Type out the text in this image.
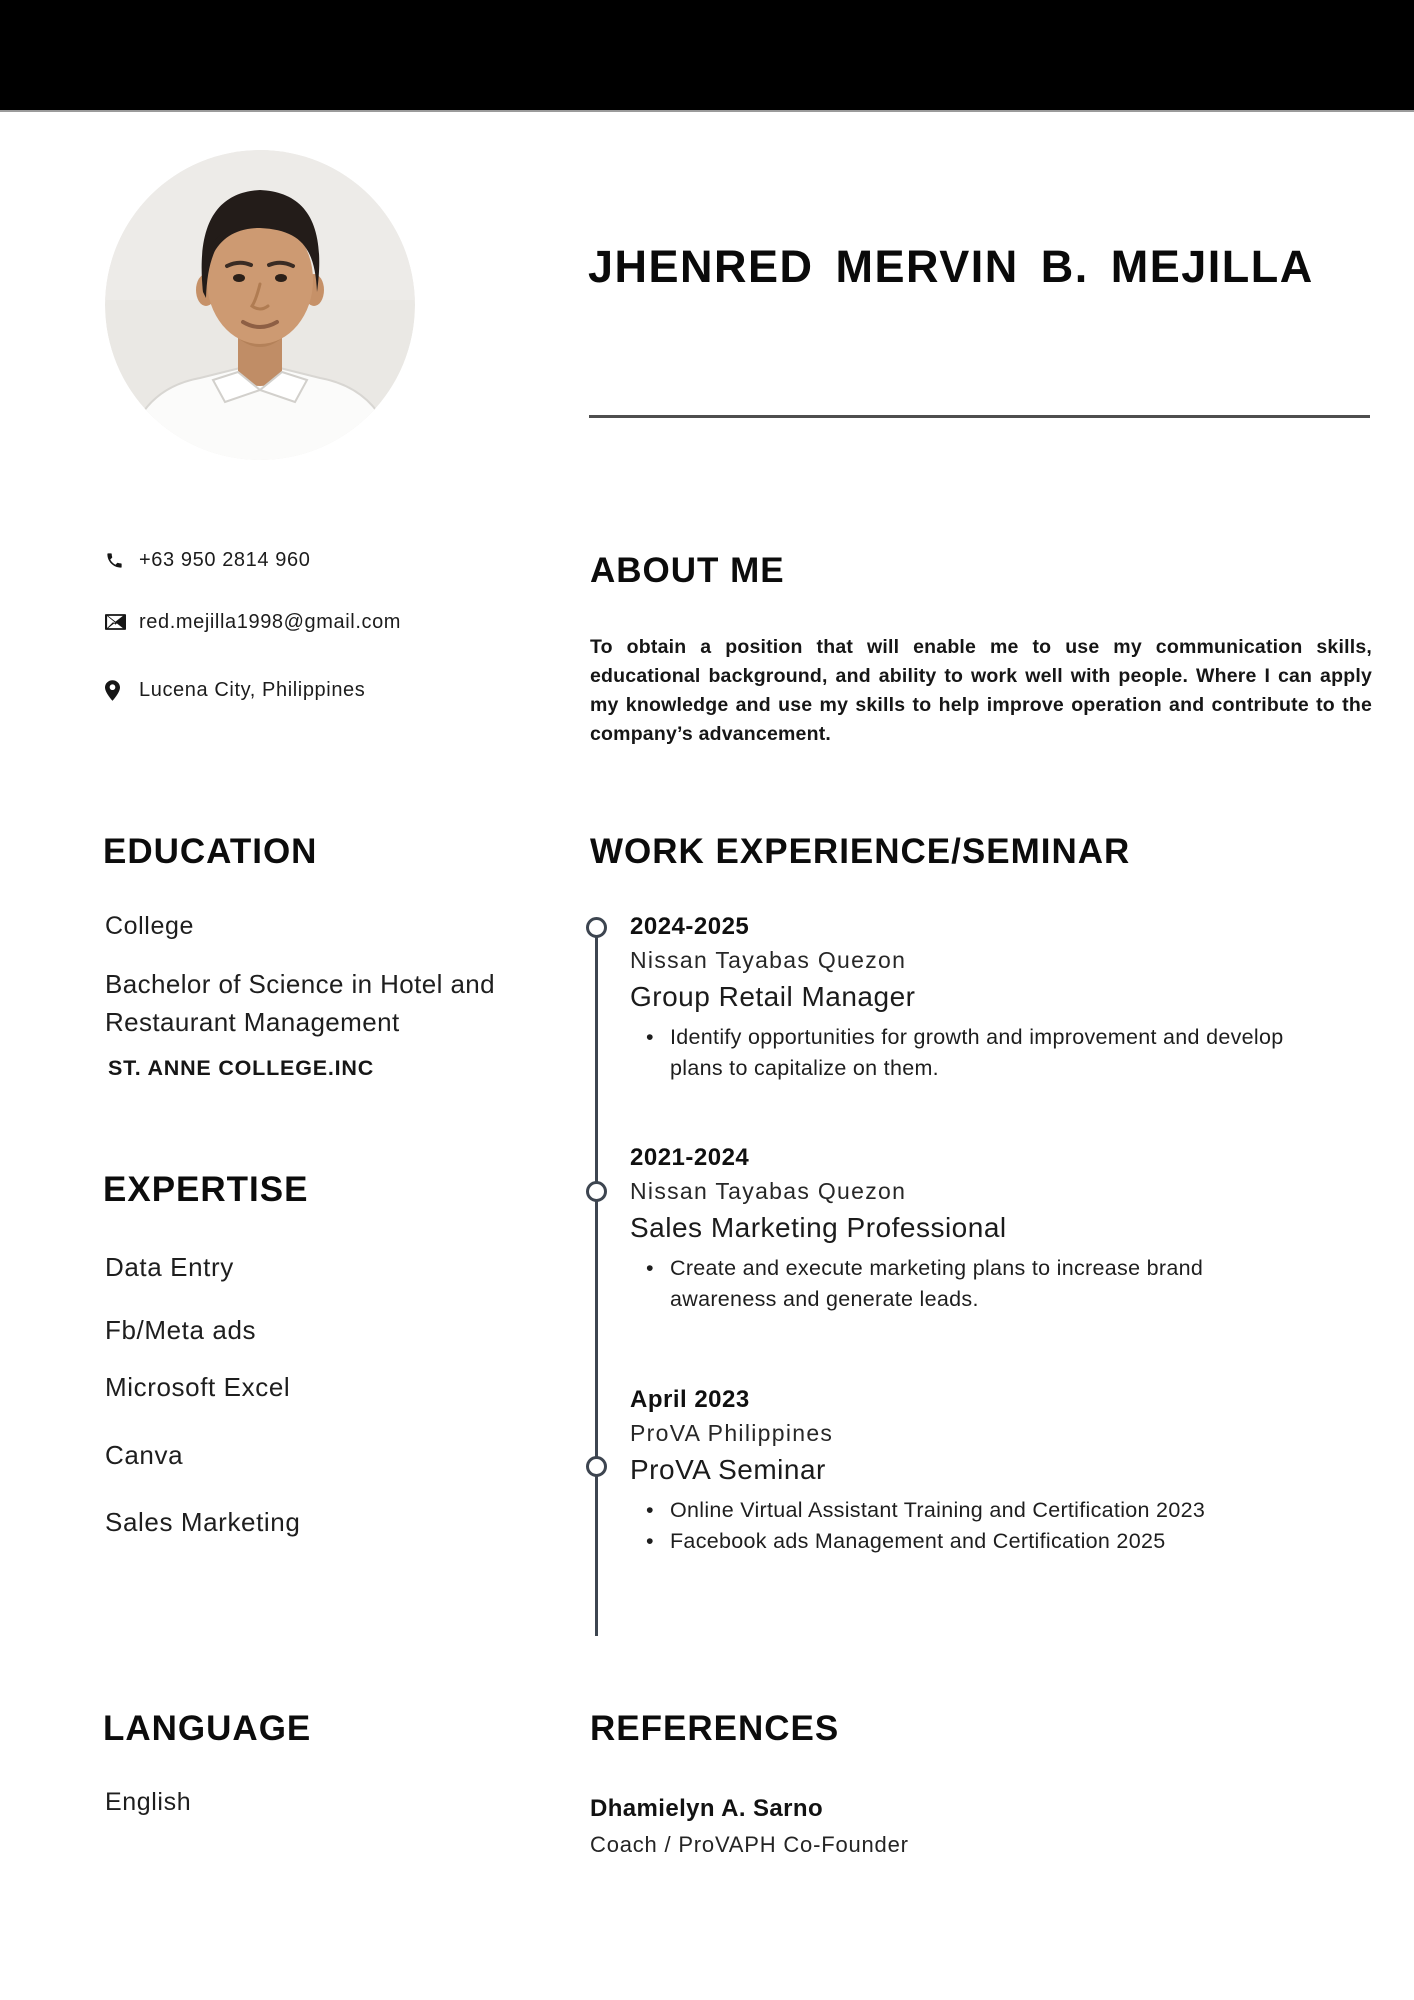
JHENRED MERVIN B. MEJILLA
+63 950 2814 960
red.mejilla1998@gmail.com
Lucena City, Philippines
ABOUT ME
To obtain a position that will enable me to use my communication skills, educational background, and ability to work well with people. Where I can apply my knowledge and use my skills to help improve operation and contribute to the company’s advancement.
EDUCATION
College
Bachelor of Science in Hotel and Restaurant Management
ST. ANNE COLLEGE.INC
WORK EXPERIENCE/SEMINAR
2024-2025
Nissan Tayabas Quezon
Group Retail Manager
• Identify opportunities for growth and improvement and develop plans to capitalize on them.
2021-2024
Nissan Tayabas Quezon
Sales Marketing Professional
• Create and execute marketing plans to increase brand awareness and generate leads.
April 2023
ProVA Philippines
ProVA Seminar
• Online Virtual Assistant Training and Certification 2023
• Facebook ads Management and Certification 2025
EXPERTISE
Data Entry
Fb/Meta ads
Microsoft Excel
Canva
Sales Marketing
LANGUAGE
English
REFERENCES
Dhamielyn A. Sarno
Coach / ProVAPH Co-Founder
